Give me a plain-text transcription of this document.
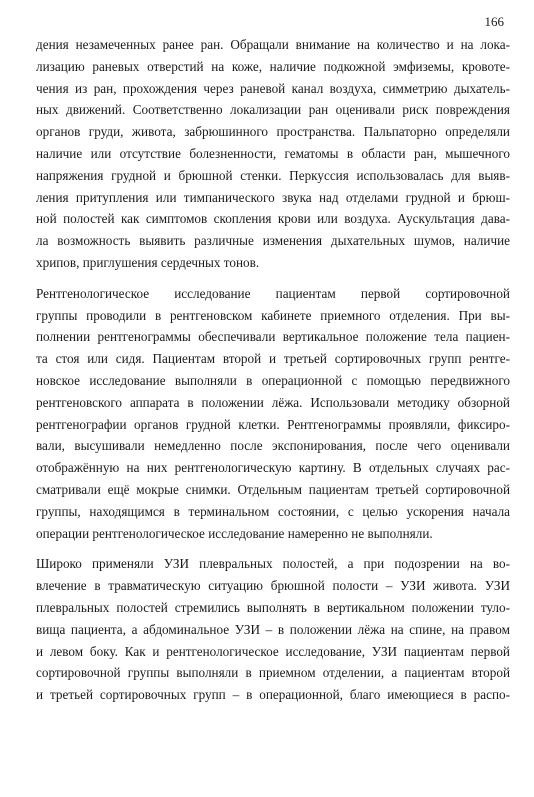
166
дения незамеченных ранее ран. Обращали внимание на количество и на лока-
лизацию раневых отверстий на коже, наличие подкожной эмфиземы, кровоте-
чения из ран, прохождения через раневой канал воздуха, симметрию дыхатель-
ных движений. Соответственно локализации ран оценивали риск повреждения
органов груди, живота, забрюшинного пространства. Пальпаторно определяли
наличие или отсутствие болезненности, гематомы в области ран, мышечного
напряжения грудной и брюшной стенки. Перкуссия использовалась для выяв-
ления притупления или тимпанического звука над отделами грудной и брюш-
ной полостей как симптомов скопления крови или воздуха. Аускультация дава-
ла возможность выявить различные изменения дыхательных шумов, наличие
хрипов, приглушения сердечных тонов.
Рентгенологическое исследование пациентам первой сортировочной
группы проводили в рентгеновском кабинете приемного отделения. При вы-
полнении рентгенограммы обеспечивали вертикальное положение тела пациен-
та стоя или сидя. Пациентам второй и третьей сортировочных групп рентге-
новское исследование выполняли в операционной с помощью передвижного
рентгеновского аппарата в положении лёжа. Использовали методику обзорной
рентгенографии органов грудной клетки. Рентгенограммы проявляли, фиксиро-
вали, высушивали немедленно после экспонирования, после чего оценивали
отображённую на них рентгенологическую картину. В отдельных случаях рас-
сматривали ещё мокрые снимки. Отдельным пациентам третьей сортировочной
группы, находящимся в терминальном состоянии, с целью ускорения начала
операции рентгенологическое исследование намеренно не выполняли.
Широко применяли УЗИ плевральных полостей, а при подозрении на во-
влечение в травматическую ситуацию брюшной полости – УЗИ живота. УЗИ
плевральных полостей стремились выполнять в вертикальном положении туло-
вища пациента, а абдоминальное УЗИ – в положении лёжа на спине, на правом
и левом боку. Как и рентгенологическое исследование, УЗИ пациентам первой
сортировочной группы выполняли в приемном отделении, а пациентам второй
и третьей сортировочных групп – в операционной, благо имеющиеся в распо-
